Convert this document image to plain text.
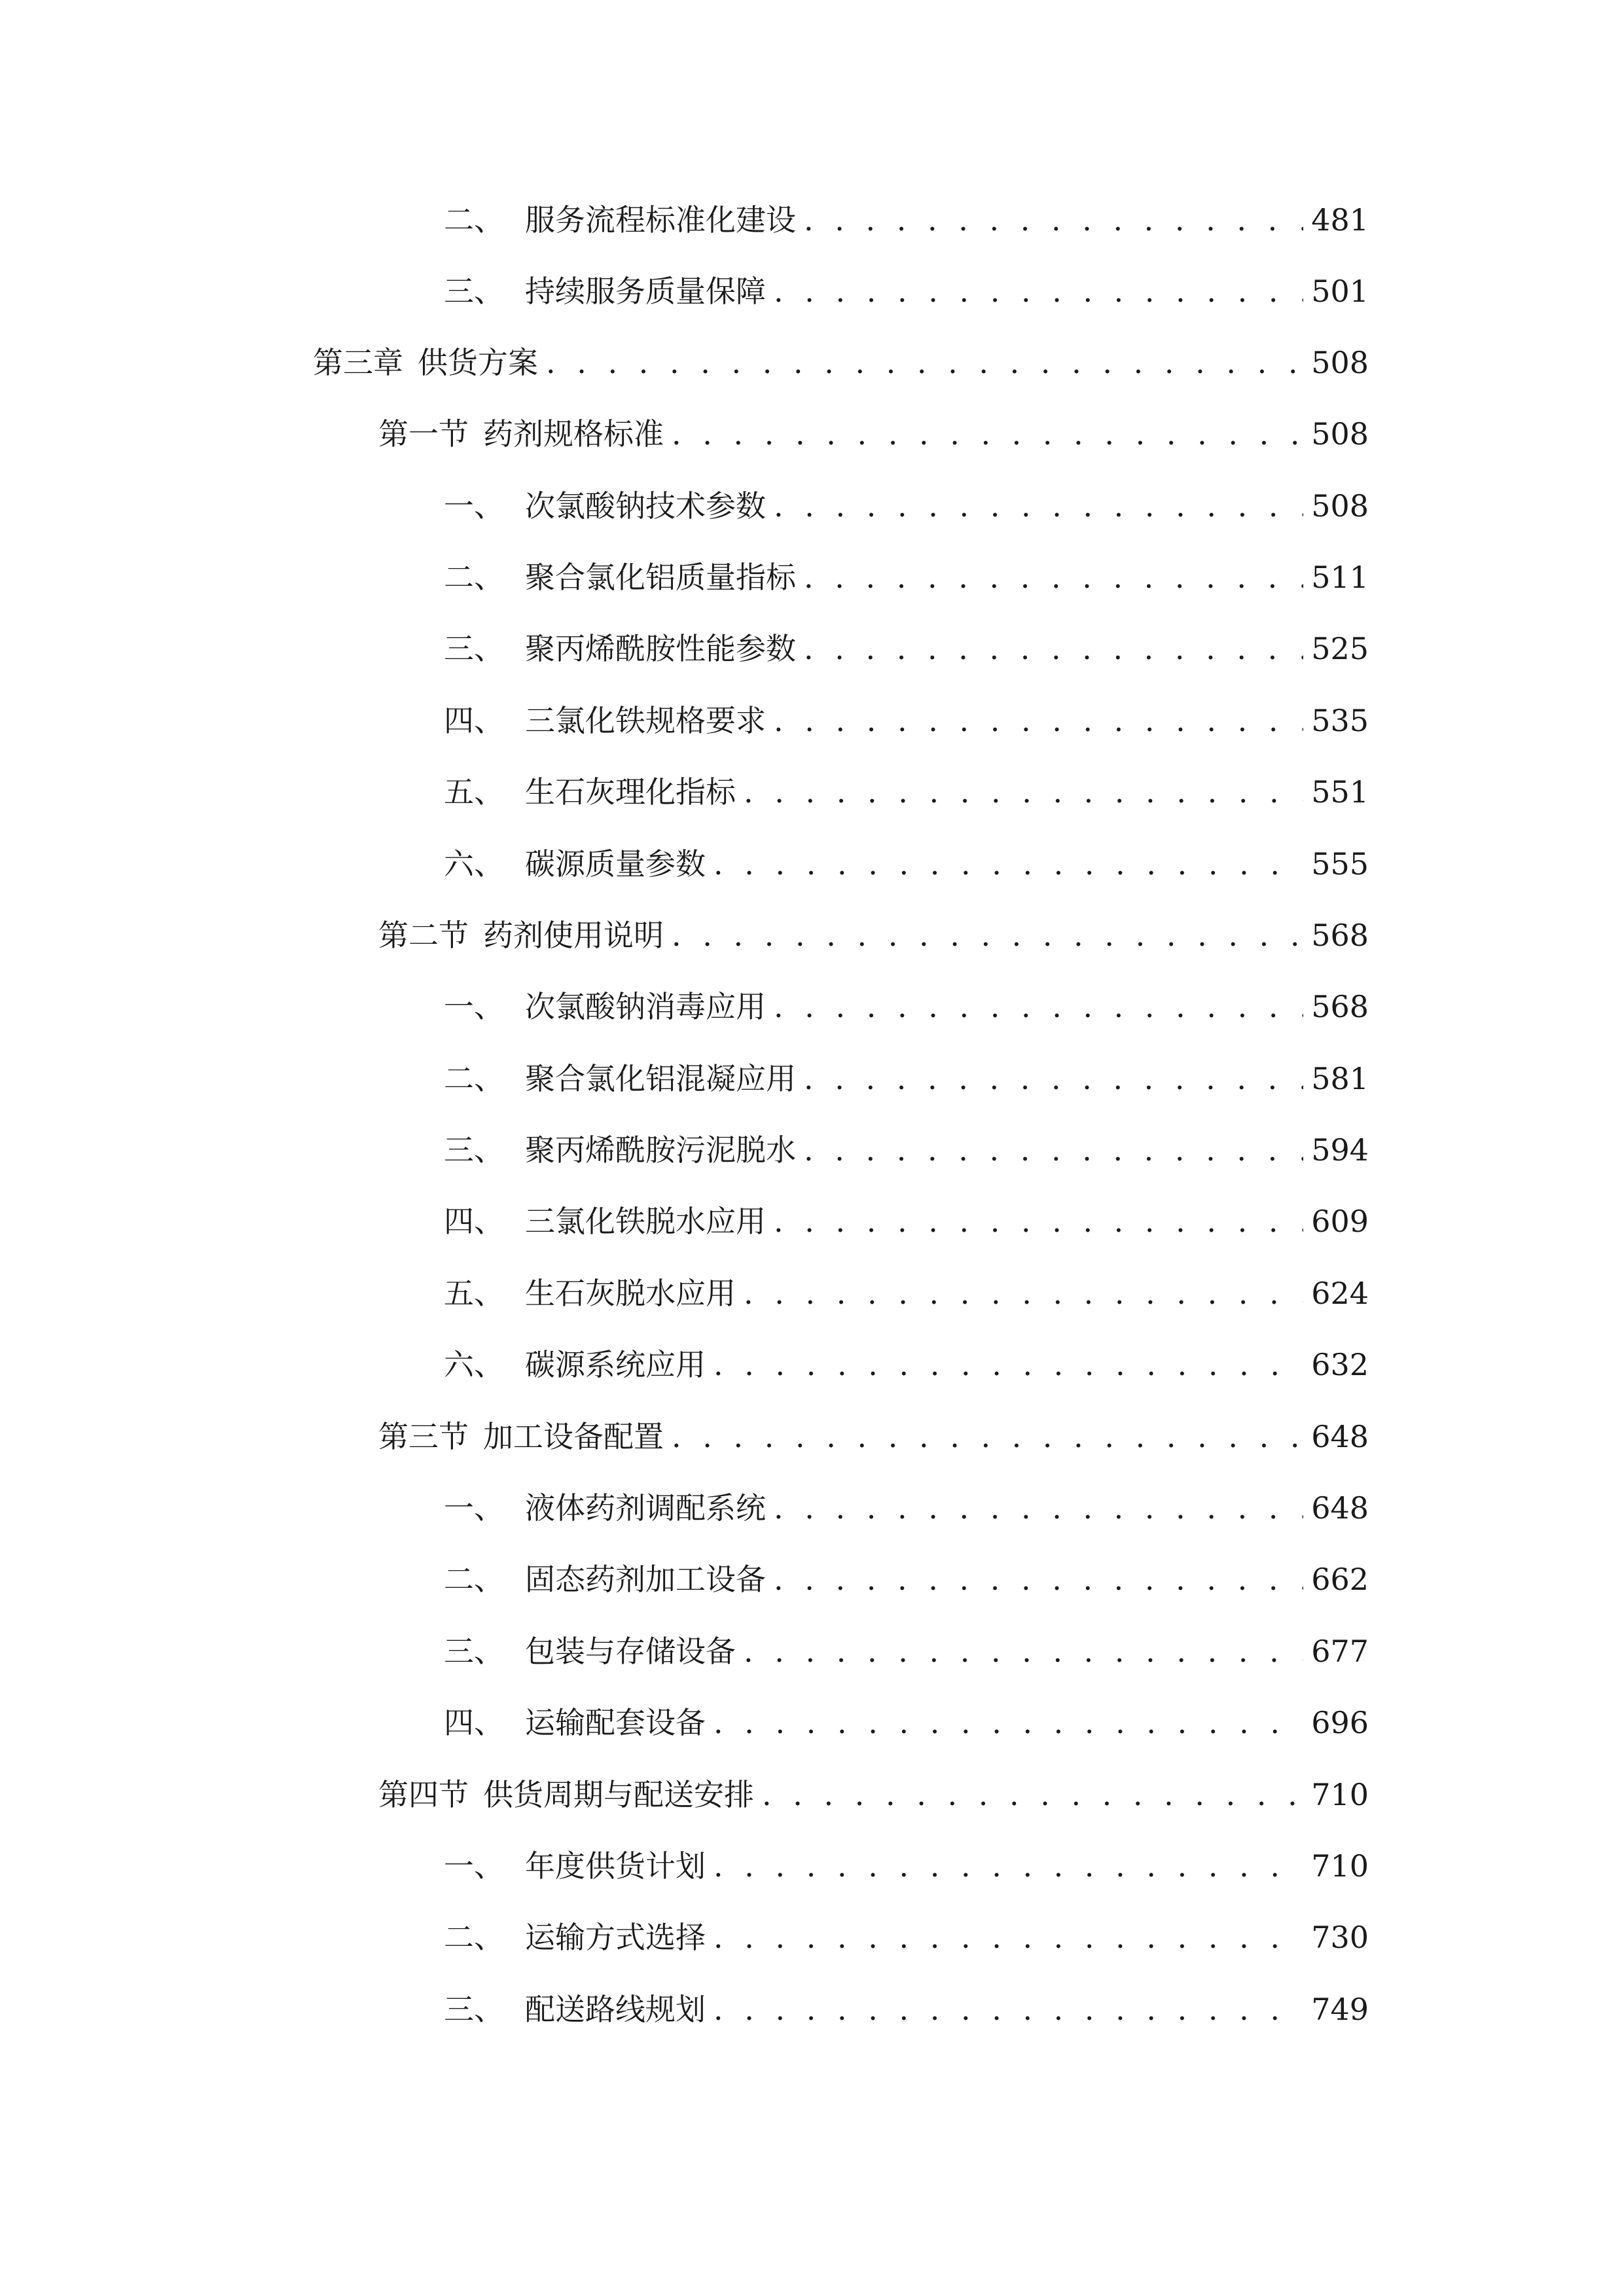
二、 服务流程标准化建设 . . .	481
三、 持续服务质量保障 . . .	501
第三章 供货方案 . . .	508
第一节 药剂规格标准 . . .	508
一、 次氯酸钠技术参数 . . .	508
二、 聚合氯化铝质量指标 . . .	511
三、 聚丙烯酰胺性能参数 . . .	525
四、 三氯化铁规格要求 . . .	535
五、 生石灰理化指标 . . .	551
六、 碳源质量参数 . . .	555
第二节 药剂使用说明 . . .	568
一、 次氯酸钠消毒应用 . . .	568
二、 聚合氯化铝混凝应用 . . .	581
三、 聚丙烯酰胺污泥脱水 . . .	594
四、 三氯化铁脱水应用 . . .	609
五、 生石灰脱水应用 . . .	624
六、 碳源系统应用 . . .	632
第三节 加工设备配置 . . .	648
一、 液体药剂调配系统 . . .	648
二、 固态药剂加工设备 . . .	662
三、 包装与存储设备 . . .	677
四、 运输配套设备 . . .	696
第四节 供货周期与配送安排 . . .	710
一、 年度供货计划 . . .	710
二、 运输方式选择 . . .	730
三、 配送路线规划 . . .	749
